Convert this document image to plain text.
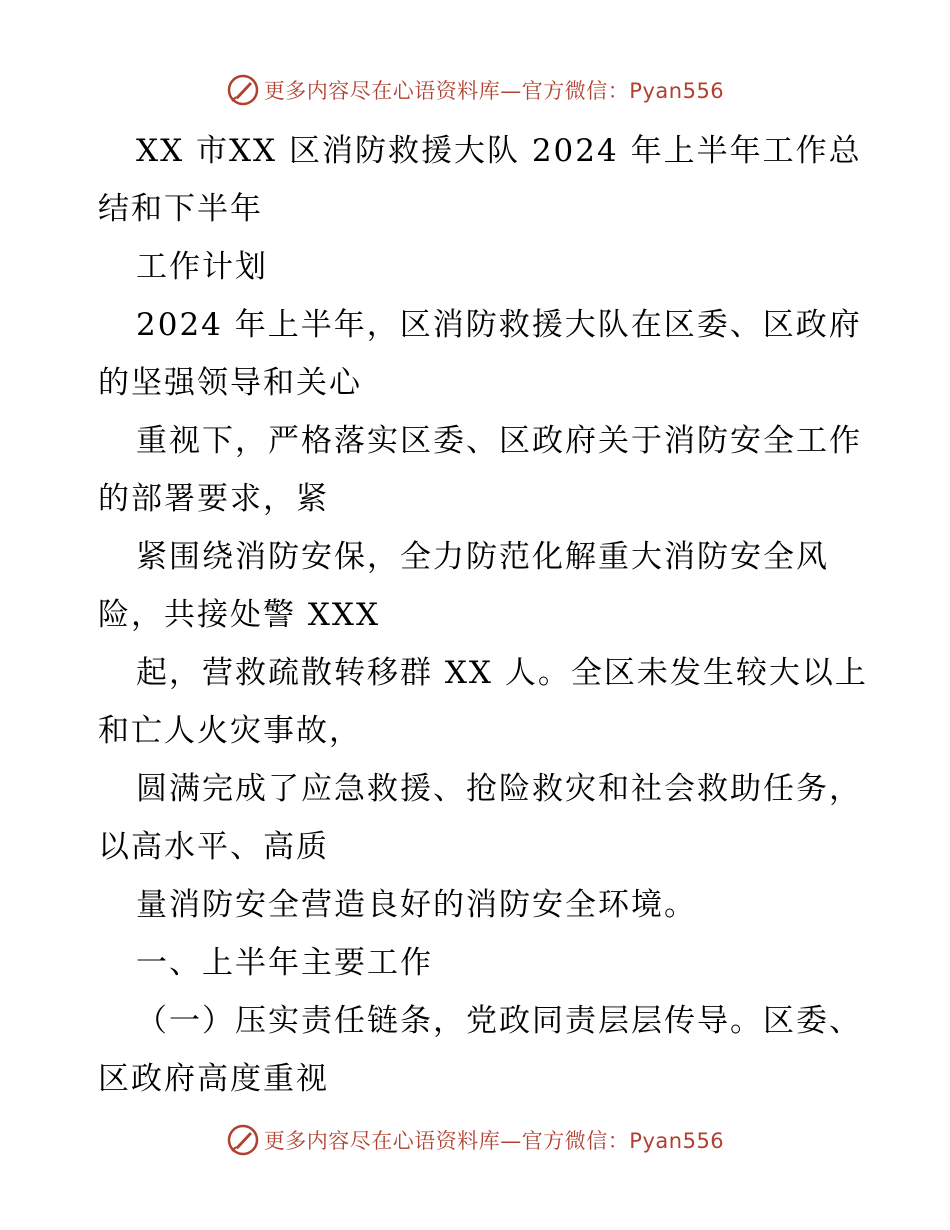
更多内容尽在心语资料库—官方微信：Pyan556

XX 市XX 区消防救援大队 2024 年上半年工作总结和下半年

工作计划

2024 年上半年，区消防救援大队在区委、区政府的坚强领导和关心

重视下，严格落实区委、区政府关于消防安全工作的部署要求，紧

紧围绕消防安保，全力防范化解重大消防安全风险，共接处警 XXX

起，营救疏散转移群 XX 人。全区未发生较大以上和亡人火灾事故，

圆满完成了应急救援、抢险救灾和社会救助任务，以高水平、高质

量消防安全营造良好的消防安全环境。

一、上半年主要工作

（一）压实责任链条，党政同责层层传导。区委、区政府高度重视

更多内容尽在心语资料库—官方微信：Pyan556
